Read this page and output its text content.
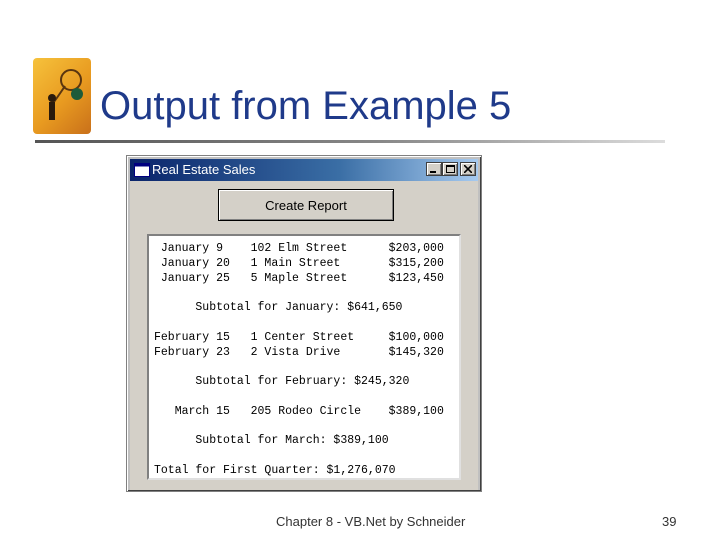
Output from Example 5
Real Estate Sales
Create Report
January 9    102 Elm Street      $203,000
January 20   1 Main Street       $315,200
January 25   5 Maple Street      $123,450
Subtotal for January: $641,650
February 15   1 Center Street     $100,000
February 23   2 Vista Drive       $145,320
Subtotal for February: $245,320
March 15   205 Rodeo Circle    $389,100
Subtotal for March: $389,100
Total for First Quarter: $1,276,070
Chapter 8 - VB.Net by Schneider	39
